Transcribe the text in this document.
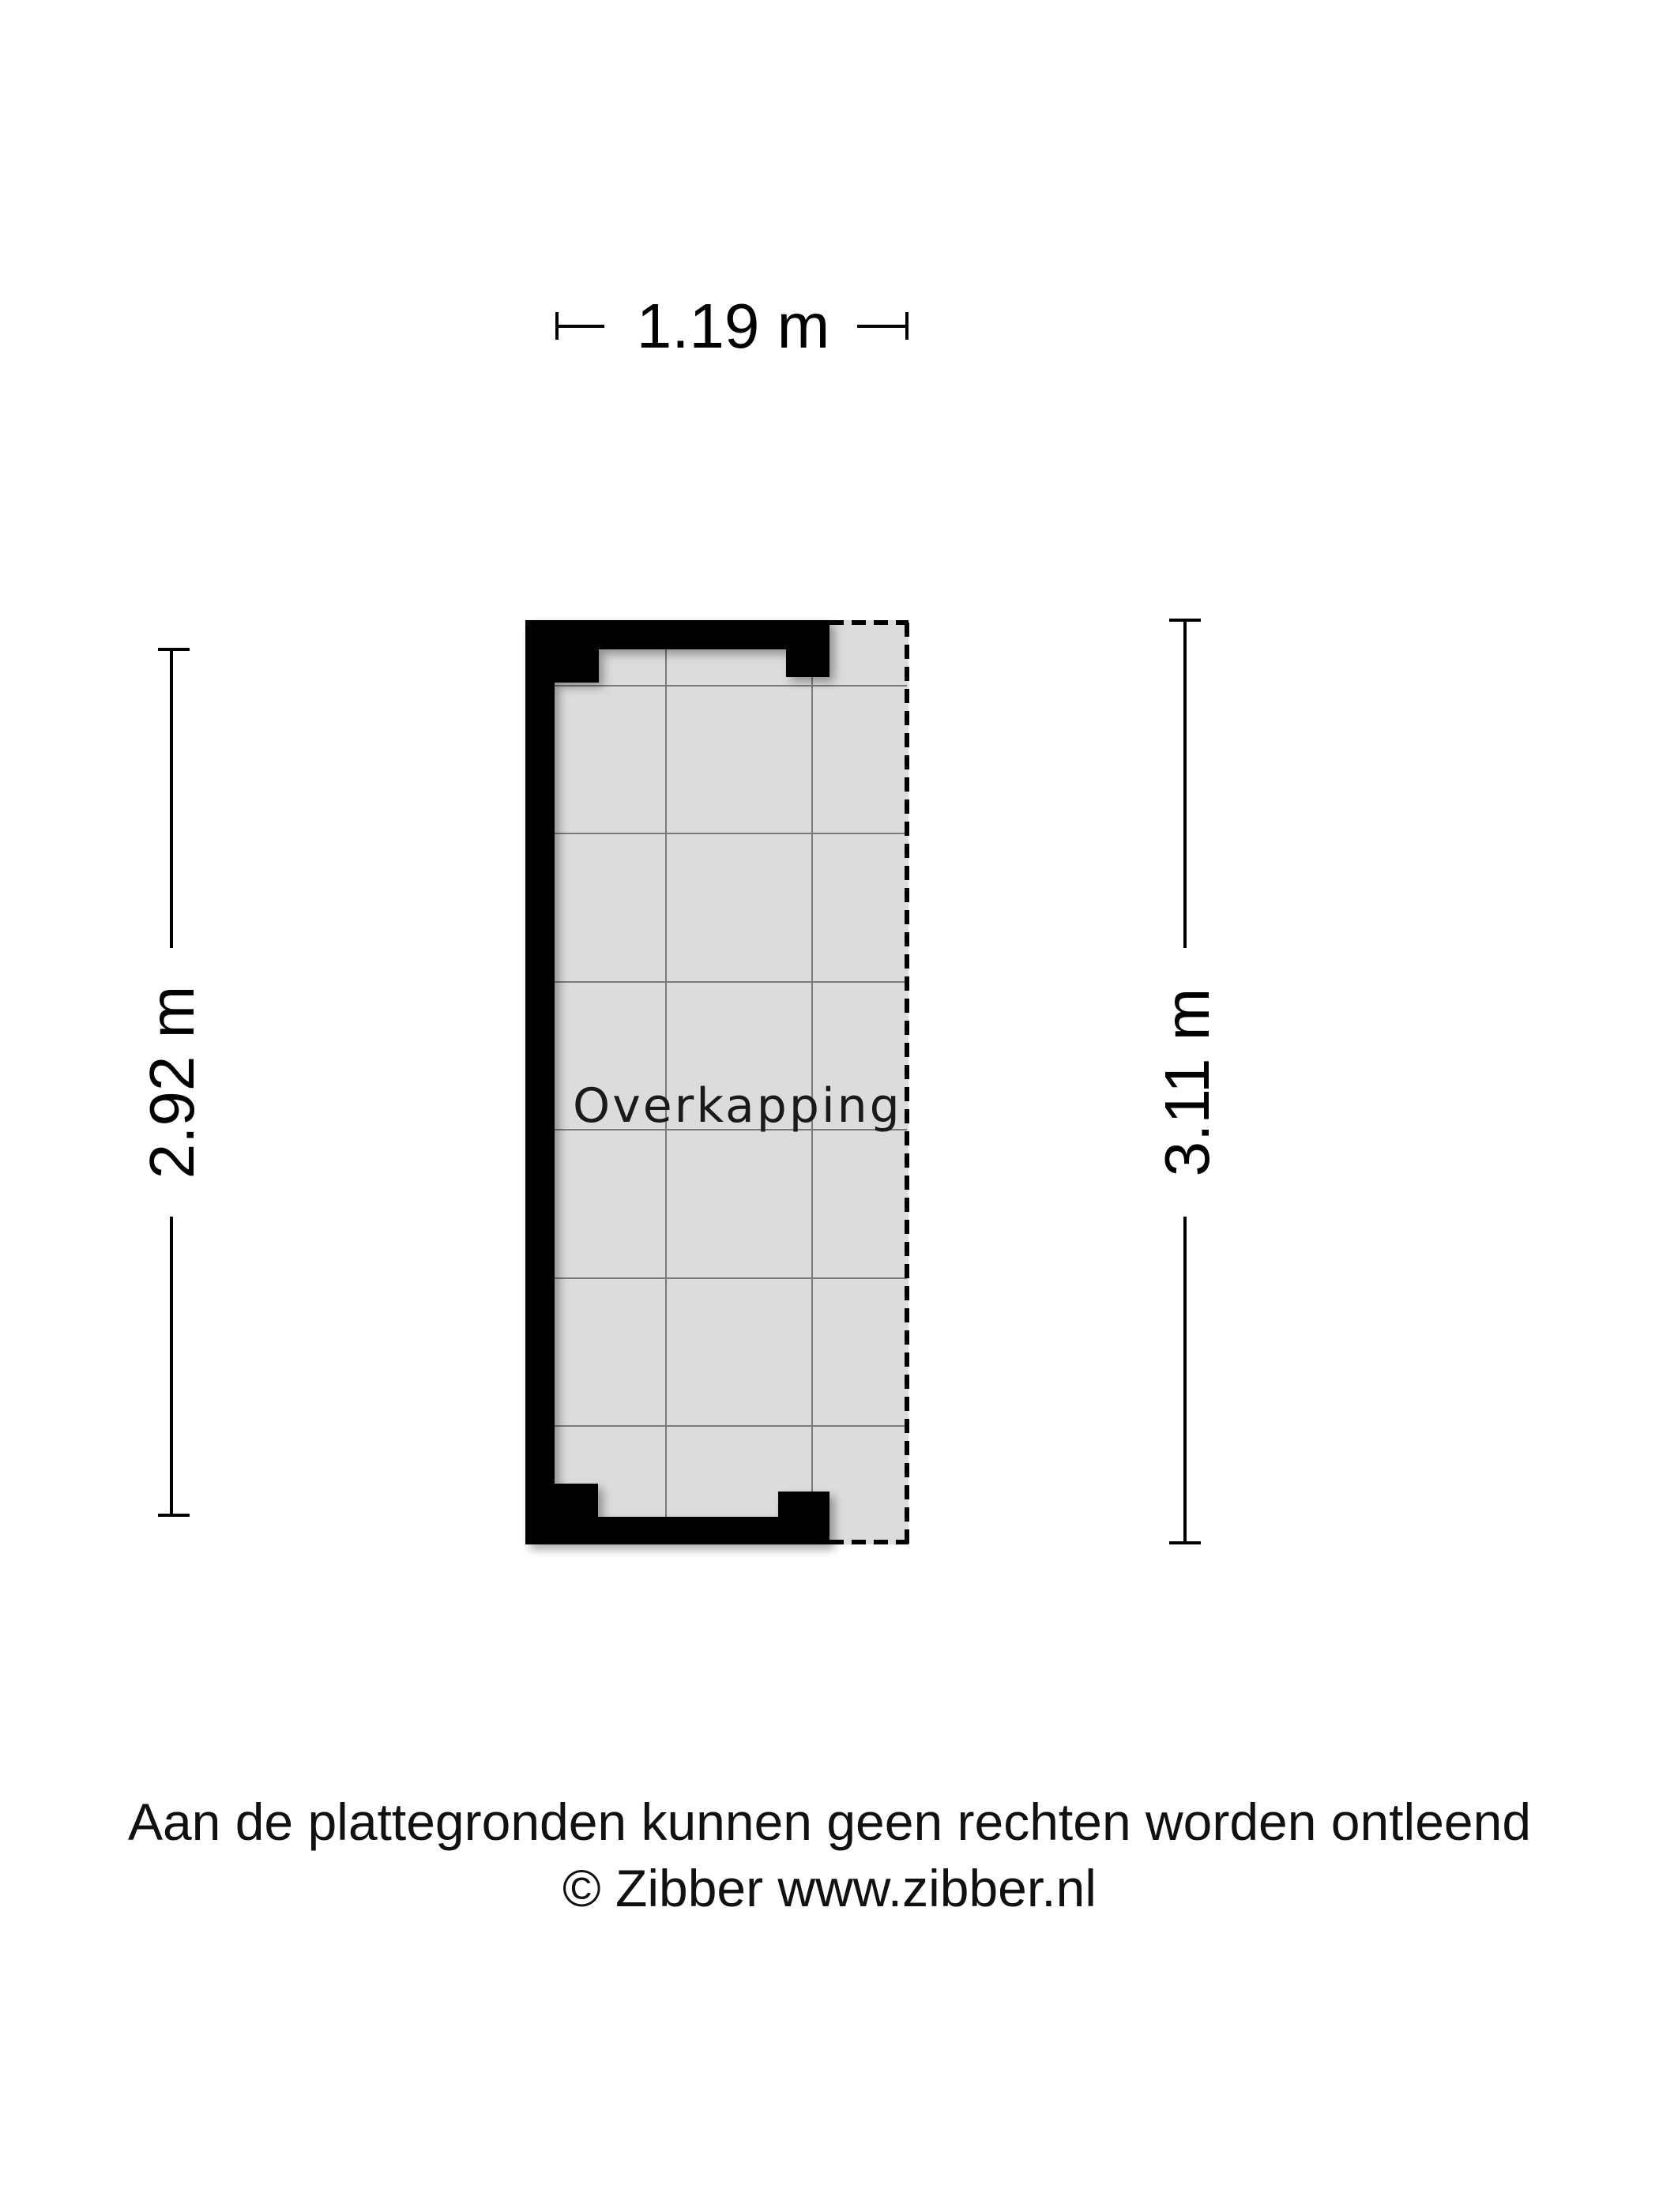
Overkapping
1.19 m
2.92 m	3.11 m
Aan de plattegronden kunnen geen rechten worden ontleend
© Zibber www.zibber.nl
